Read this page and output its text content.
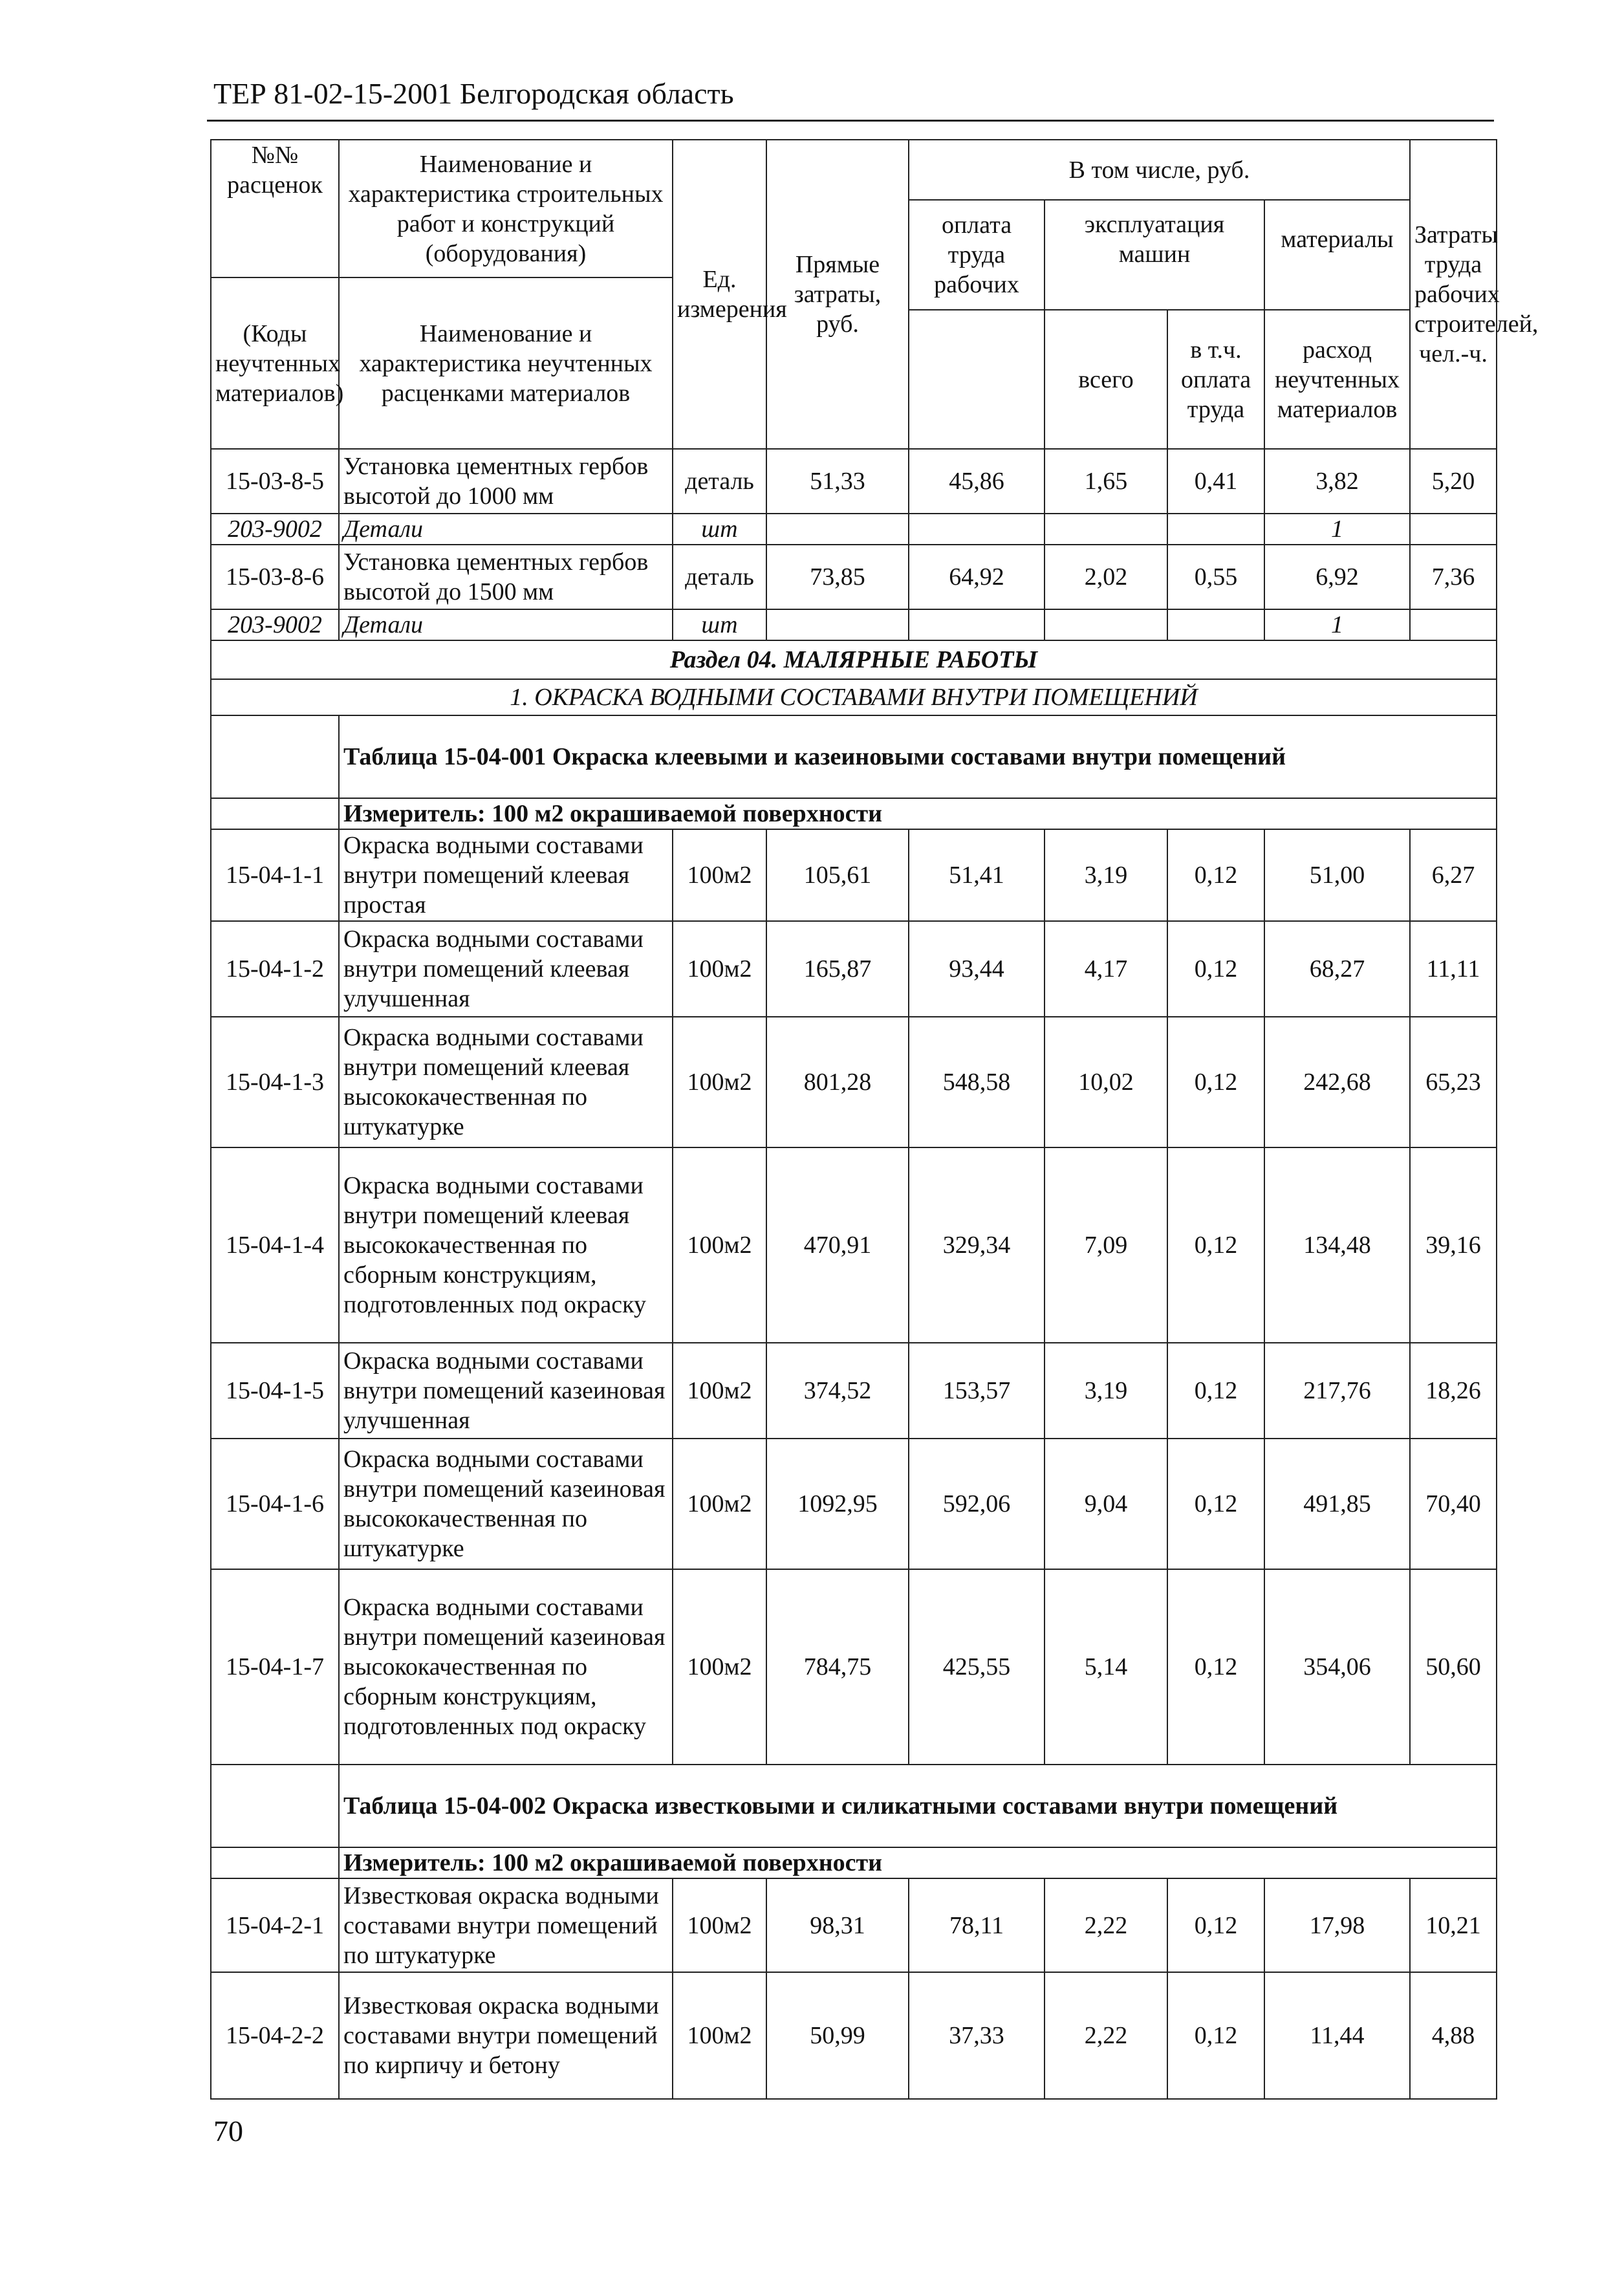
ТЕР 81-02-15-2001 Белгородская область
№№ расценок	Наименование и характеристика строительных работ и конструкций (оборудования)	Ед. измерения	Прямые затраты, руб.	В том числе, руб.				Затраты труда рабочих строителей, чел.-ч.
				оплата труда рабочих	эксплуатация машин		материалы	
(Коды неучтенных материалов)	Наименование и характеристика неучтенных расценками материалов							
					всего	в т.ч. оплата труда	расход неучтенных материалов	
15-03-8-5	Установка цементных гербов высотой до 1000 мм	деталь	51,33	45,86	1,65	0,41	3,82	5,20
203-9002	Детали	шт					1	
15-03-8-6	Установка цементных гербов высотой до 1500 мм	деталь	73,85	64,92	2,02	0,55	6,92	7,36
203-9002	Детали	шт					1	
Раздел 04. МАЛЯРНЫЕ РАБОТЫ								
1. ОКРАСКА ВОДНЫМИ СОСТАВАМИ ВНУТРИ ПОМЕЩЕНИЙ								
	Таблица 15-04-001 Окраска клеевыми и казеиновыми составами внутри помещений							
	Измеритель: 100 м2 окрашиваемой поверхности							
15-04-1-1	Окраска водными составами внутри помещений клеевая простая	100м2	105,61	51,41	3,19	0,12	51,00	6,27
15-04-1-2	Окраска водными составами внутри помещений клеевая улучшенная	100м2	165,87	93,44	4,17	0,12	68,27	11,11
15-04-1-3	Окраска водными составами внутри помещений клеевая высококачественная по штукатурке	100м2	801,28	548,58	10,02	0,12	242,68	65,23
15-04-1-4	Окраска водными составами внутри помещений клеевая высококачественная по сборным конструкциям, подготовленных под окраску	100м2	470,91	329,34	7,09	0,12	134,48	39,16
15-04-1-5	Окраска водными составами внутри помещений казеиновая улучшенная	100м2	374,52	153,57	3,19	0,12	217,76	18,26
15-04-1-6	Окраска водными составами внутри помещений казеиновая высококачественная по штукатурке	100м2	1092,95	592,06	9,04	0,12	491,85	70,40
15-04-1-7	Окраска водными составами внутри помещений казеиновая высококачественная по сборным конструкциям, подготовленных под окраску	100м2	784,75	425,55	5,14	0,12	354,06	50,60
	Таблица 15-04-002 Окраска известковыми и силикатными составами внутри помещений							
	Измеритель: 100 м2 окрашиваемой поверхности							
15-04-2-1	Известковая окраска водными составами внутри помещений по штукатурке	100м2	98,31	78,11	2,22	0,12	17,98	10,21
15-04-2-2	Известковая окраска водными составами внутри помещений по кирпичу и бетону	100м2	50,99	37,33	2,22	0,12	11,44	4,88
70
